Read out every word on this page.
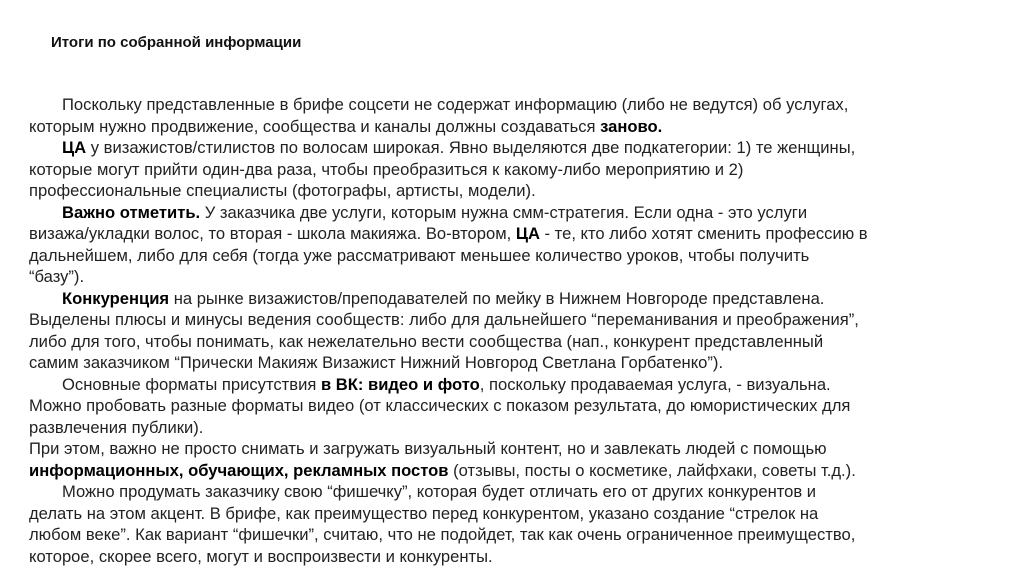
Итоги по собранной информации
Поскольку представленные в брифе соцсети не содержат информацию (либо не ведутся) об услугах,
которым нужно продвижение, сообщества и каналы должны создаваться заново.
ЦА у визажистов/стилистов по волосам широкая. Явно выделяются две подкатегории: 1) те женщины,
которые могут прийти один-два раза, чтобы преобразиться к какому-либо мероприятию и 2)
профессиональные специалисты (фотографы, артисты, модели).
Важно отметить. У заказчика две услуги, которым нужна смм-стратегия. Если одна - это услуги
визажа/укладки волос, то вторая - школа макияжа. Во-втором, ЦА - те, кто либо хотят сменить профессию в
дальнейшем, либо для себя (тогда уже рассматривают меньшее количество уроков, чтобы получить
“базу”).
Конкуренция на рынке визажистов/преподавателей по мейку в Нижнем Новгороде представлена.
Выделены плюсы и минусы ведения сообществ: либо для дальнейшего “переманивания и преображения”,
либо для того, чтобы понимать, как нежелательно вести сообщества (нап., конкурент представленный
самим заказчиком “Прически Макияж Визажист Нижний Новгород Светлана Горбатенко”).
Основные форматы присутствия в ВК: видео и фото, поскольку продаваемая услуга, - визуальна.
Можно пробовать разные форматы видео (от классических с показом результата, до юмористических для
развлечения публики).
При этом, важно не просто снимать и загружать визуальный контент, но и завлекать людей с помощью
информационных, обучающих, рекламных постов (отзывы, посты о косметике, лайфхаки, советы т.д.).
Можно продумать заказчику свою “фишечку”, которая будет отличать его от других конкурентов и
делать на этом акцент. В брифе, как преимущество перед конкурентом, указано создание “стрелок на
любом веке”. Как вариант “фишечки”, считаю, что не подойдет, так как очень ограниченное преимущество,
которое, скорее всего, могут и воспроизвести и конкуренты.
